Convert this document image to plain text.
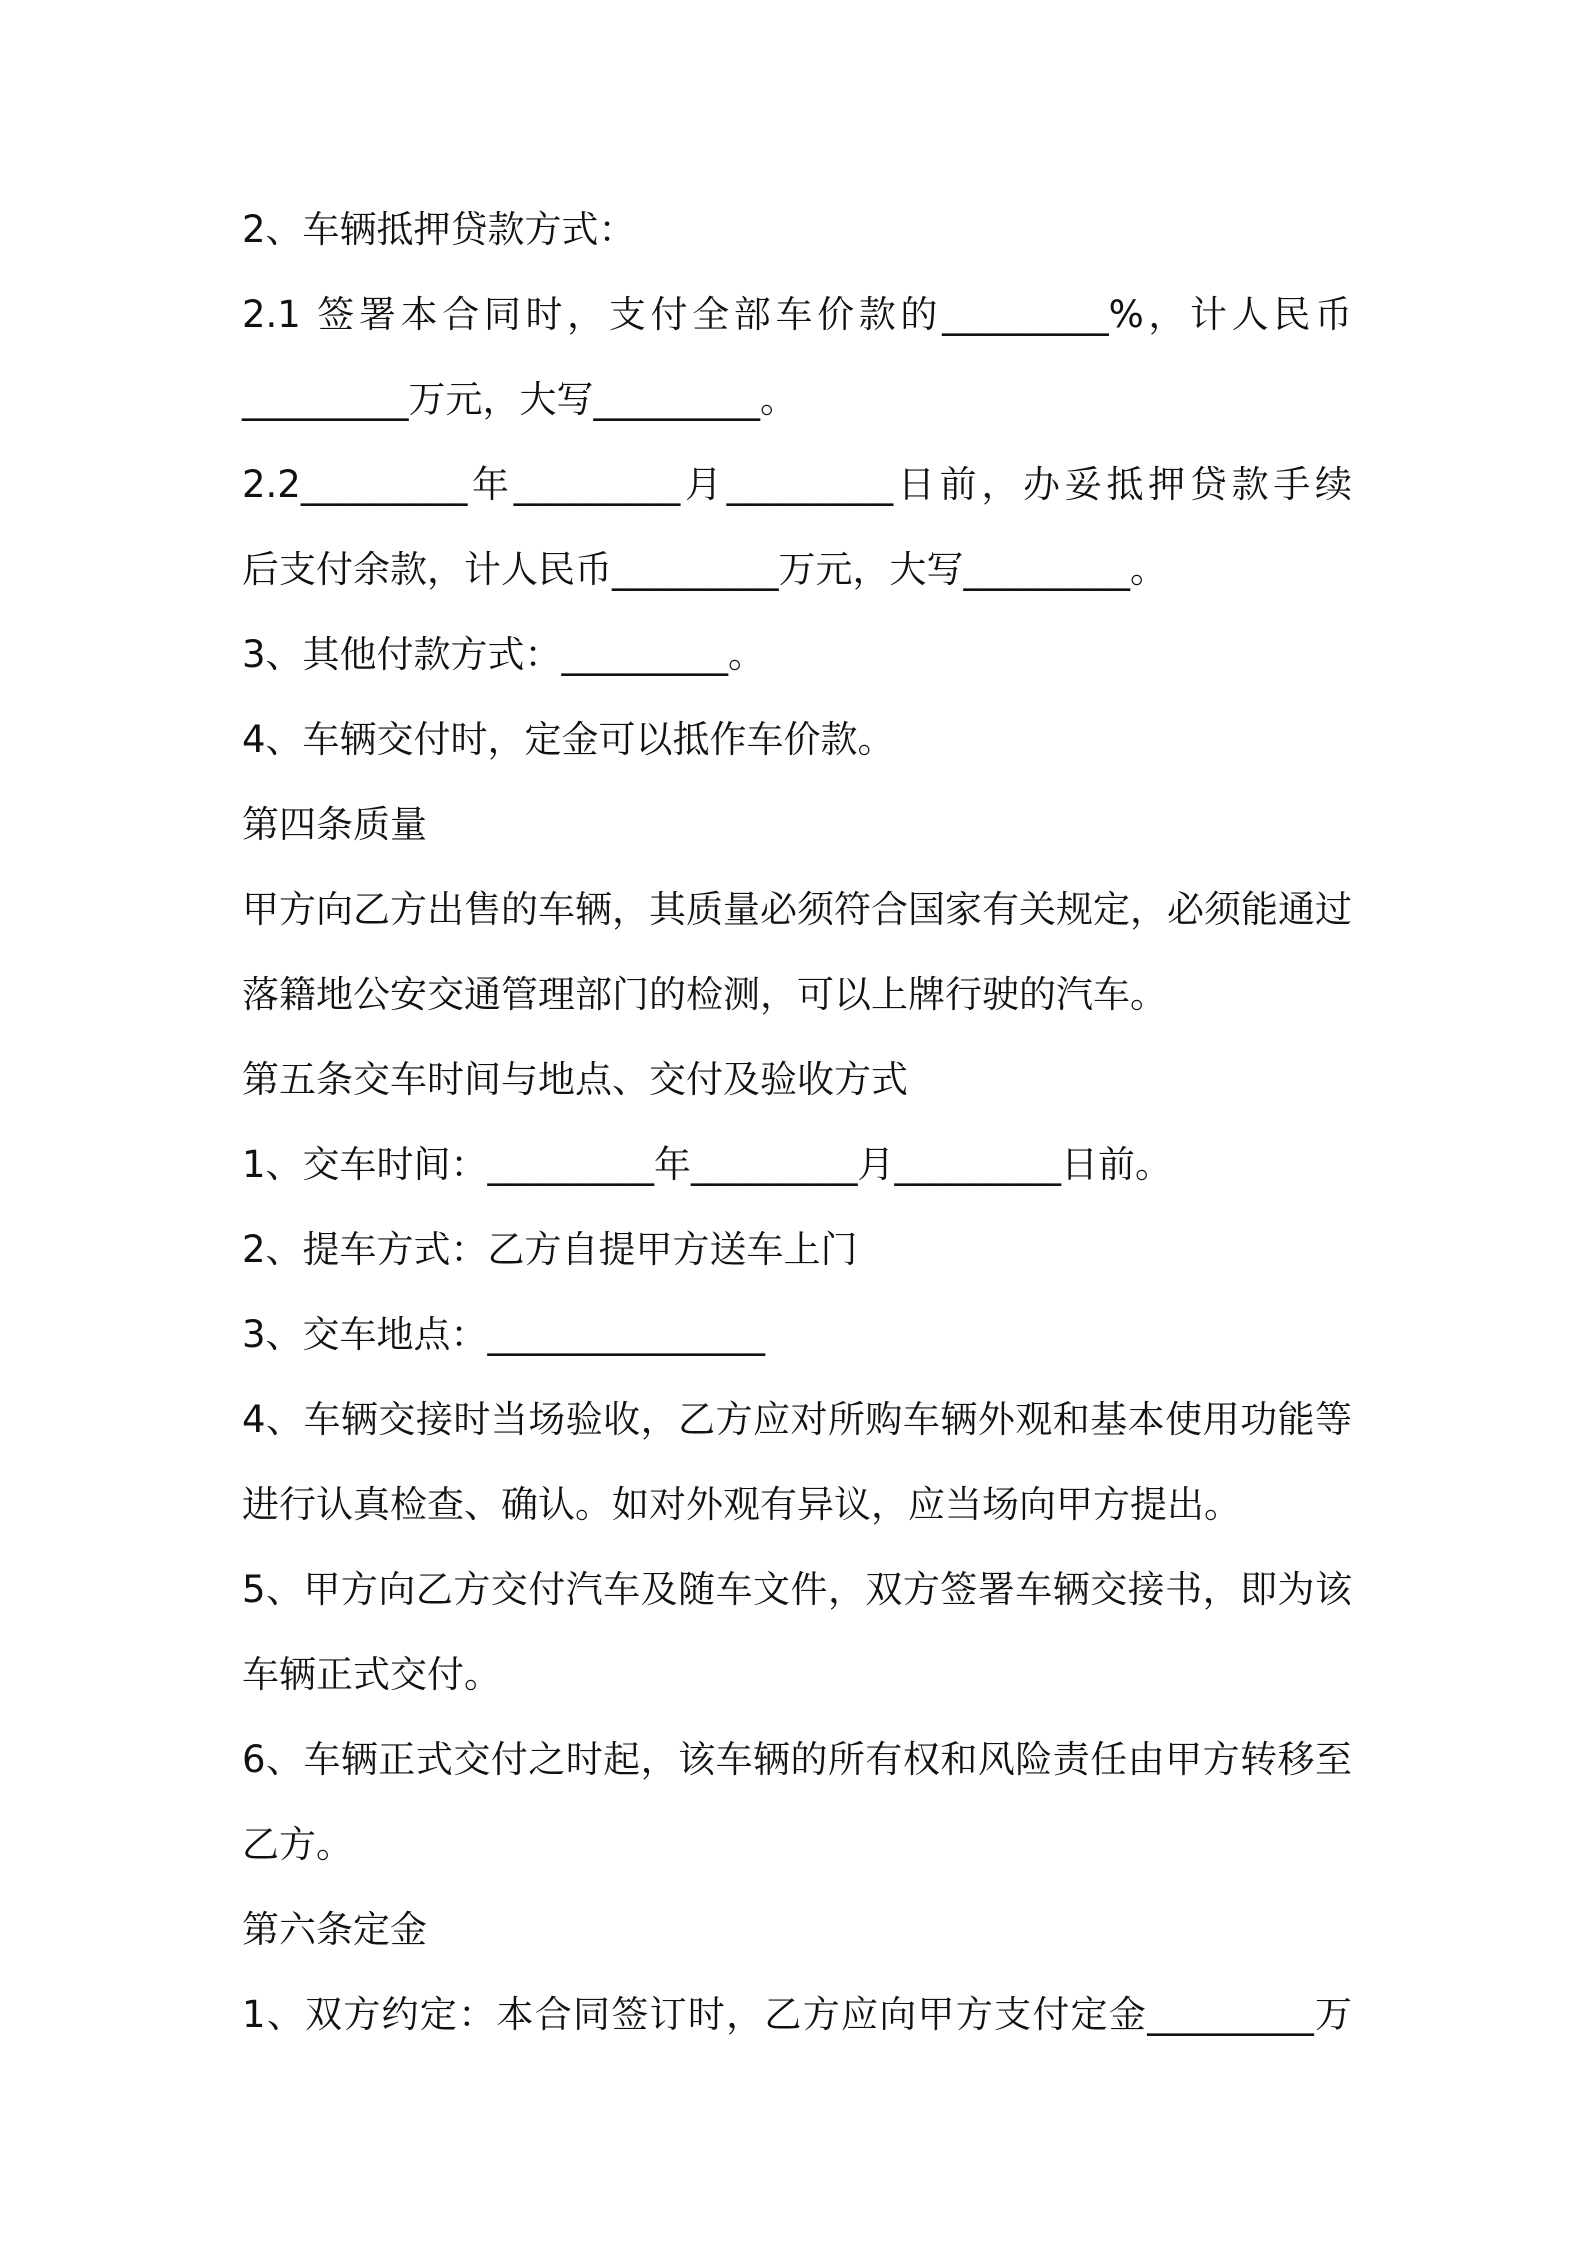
2、车辆抵押贷款方式：
2.1 签署本合同时，支付全部车价款的_________%，计人民币
_________万元，大写_________。
2.2_________年_________月_________日前，办妥抵押贷款手续
后支付余款，计人民币_________万元，大写_________。
3、其他付款方式：_________。
4、车辆交付时，定金可以抵作车价款。
第四条质量
甲方向乙方出售的车辆，其质量必须符合国家有关规定，必须能通过
落籍地公安交通管理部门的检测，可以上牌行驶的汽车。
第五条交车时间与地点、交付及验收方式
1、交车时间：_________年_________月_________日前。
2、提车方式：乙方自提甲方送车上门
3、交车地点：_______________
4、车辆交接时当场验收，乙方应对所购车辆外观和基本使用功能等
进行认真检查、确认。如对外观有异议，应当场向甲方提出。
5、甲方向乙方交付汽车及随车文件，双方签署车辆交接书，即为该
车辆正式交付。
6、车辆正式交付之时起，该车辆的所有权和风险责任由甲方转移至
乙方。
第六条定金
1、双方约定：本合同签订时，乙方应向甲方支付定金_________万
